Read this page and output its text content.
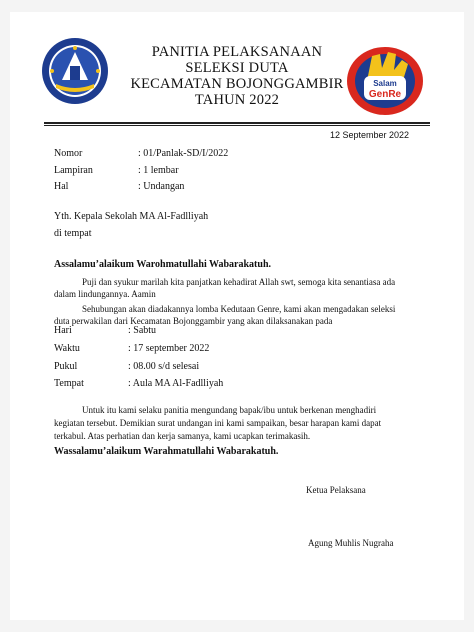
PANITIA PELAKSANAAN
SELEKSI DUTA
KECAMATAN BOJONGGAMBIR
TAHUN 2022
Salam
GenRe
12 September 2022
Nomor	: 01/Panlak-SD/I/2022
Lampiran	: 1 lembar
Hal	: Undangan
Yth. Kepala Sekolah MA Al-Fadlliyah
di tempat
Assalamu’alaikum Warohmatullahi Wabarakatuh.
Puji dan syukur marilah kita panjatkan kehadirat Allah swt, semoga kita senantiasa ada
dalam lindungannya. Aamin
Sehubungan akan diadakannya lomba Kedutaan Genre, kami akan mengadakan seleksi
duta perwakilan dari Kecamatan Bojonggambir yang akan dilaksanakan pada
Hari	: Sabtu
Waktu	: 17 september 2022
Pukul	: 08.00 s/d selesai
Tempat	: Aula MA Al-Fadlliyah
Untuk itu kami selaku panitia mengundang bapak/ibu untuk berkenan menghadiri
kegiatan tersebut. Demikian surat undangan ini kami sampaikan, besar harapan kami dapat
terkabul. Atas perhatian dan kerja samanya, kami ucapkan terimakasih.
Wassalamu’alaikum Warahmatullahi Wabarakatuh.
Ketua Pelaksana
Agung Muhlis Nugraha
